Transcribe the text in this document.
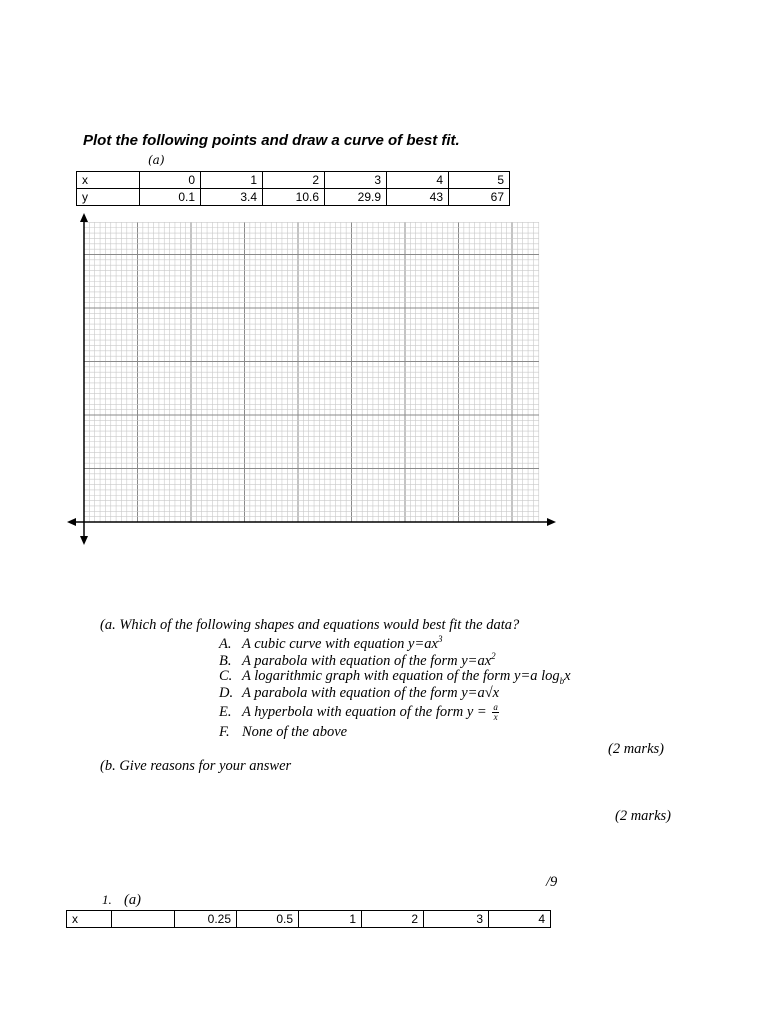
Plot the following points and draw a curve of best fit.
(a)
x	0	1	2	3	4	5
y	0.1	3.4	10.6	29.9	43	67
(a. Which of the following shapes and equations would best fit the data?
A. A cubic curve with equation $y=ax^3$
B. A parabola with equation of the form $y=ax^2$
C. A logarithmic graph with equation of the form y=a $\log_bx$
D. A parabola with equation of the form y=a√x
E. A hyperbola with equation of the form $y = \frac{a}{x}$
F. None of the above
(2 marks)
(b. Give reasons for your answer
(2 marks)
/9
1. (a)
x		0.25	0.5	1	2	3	4
